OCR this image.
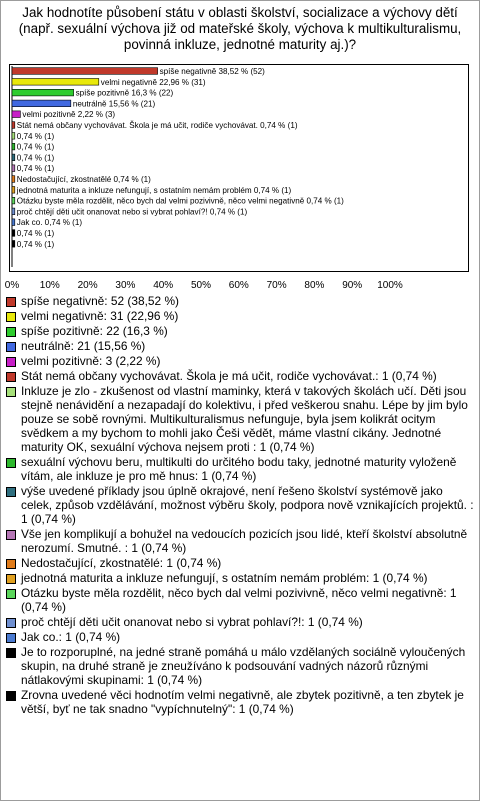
Jak hodnotíte působení státu v oblasti školství, socializace a výchovy dětí (např. sexuální výchova již od mateřské školy, výchova k multikulturalismu, povinná inkluze, jednotné maturity aj.)?
spíše negativně 38,52 % (52)
velmi negativně 22,96 % (31)
spíše pozitivně 16,3 % (22)
neutrálně 15,56 % (21)
velmi pozitivně 2,22 % (3)
Stát nemá občany vychovávat. Škola je má učit, rodiče vychovávat. 0,74 % (1)
0,74 % (1)
0,74 % (1)
0,74 % (1)
0,74 % (1)
Nedostačující, zkostnatělé 0,74 % (1)
jednotná maturita a inkluze nefungují, s ostatním nemám problém 0,74 % (1)
Otázku byste měla rozdělit, něco bych dal velmi pozivivně, něco velmi negativně 0,74 % (1)
proč chtějí děti učit onanovat nebo si vybrat pohlaví?! 0,74 % (1)
Jak co. 0,74 % (1)
0,74 % (1)
0,74 % (1)
0% 10% 20% 30% 40% 50% 60% 70% 80% 90% 100%
spíše negativně: 52 (38,52 %)
velmi negativně: 31 (22,96 %)
spíše pozitivně: 22 (16,3 %)
neutrálně: 21 (15,56 %)
velmi pozitivně: 3 (2,22 %)
Stát nemá občany vychovávat. Škola je má učit, rodiče vychovávat.: 1 (0,74 %)
Inkluze je zlo - zkušenost od vlastní maminky, která v takových školách učí. Děti jsou stejně nenávidění a nezapadají do kolektivu, i před veškerou snahu. Lépe by jim bylo pouze se sobě rovnými. Multikulturalismus nefunguje, byla jsem kolikrát ocitym svědkem a my bychom to mohli jako Češi vědět, máme vlastní cikány. Jednotné maturity OK, sexuální výchova nejsem proti : 1 (0,74 %)
sexuální výchovu beru, multikulti do určitého bodu taky, jednotné maturity vyloženě vítám, ale inkluze je pro mě hnus: 1 (0,74 %)
výše uvedené příklady jsou úplně okrajové, není řešeno školství systémově jako celek, způsob vzdělávání, možnost výběru školy, podpora nově vznikajících projektů. : 1 (0,74 %)
Vše jen komplikují a bohužel na vedoucích pozicích jsou lidé, kteří školství absolutně nerozumí. Smutné. : 1 (0,74 %)
Nedostačující, zkostnatělé: 1 (0,74 %)
jednotná maturita a inkluze nefungují, s ostatním nemám problém: 1 (0,74 %)
Otázku byste měla rozdělit, něco bych dal velmi pozivivně, něco velmi negativně: 1 (0,74 %)
proč chtějí děti učit onanovat nebo si vybrat pohlaví?!: 1 (0,74 %)
Jak co.: 1 (0,74 %)
Je to rozporuplné, na jedné straně pomáhá u málo vzdělaných sociálně vyloučených skupin, na druhé straně je zneužíváno k podsouvání vadných názorů různými nátlakovými skupinami: 1 (0,74 %)
Zrovna uvedené věci hodnotím velmi negativně, ale zbytek pozitivně, a ten zbytek je větší, byť ne tak snadno "vypíchnutelný": 1 (0,74 %)
